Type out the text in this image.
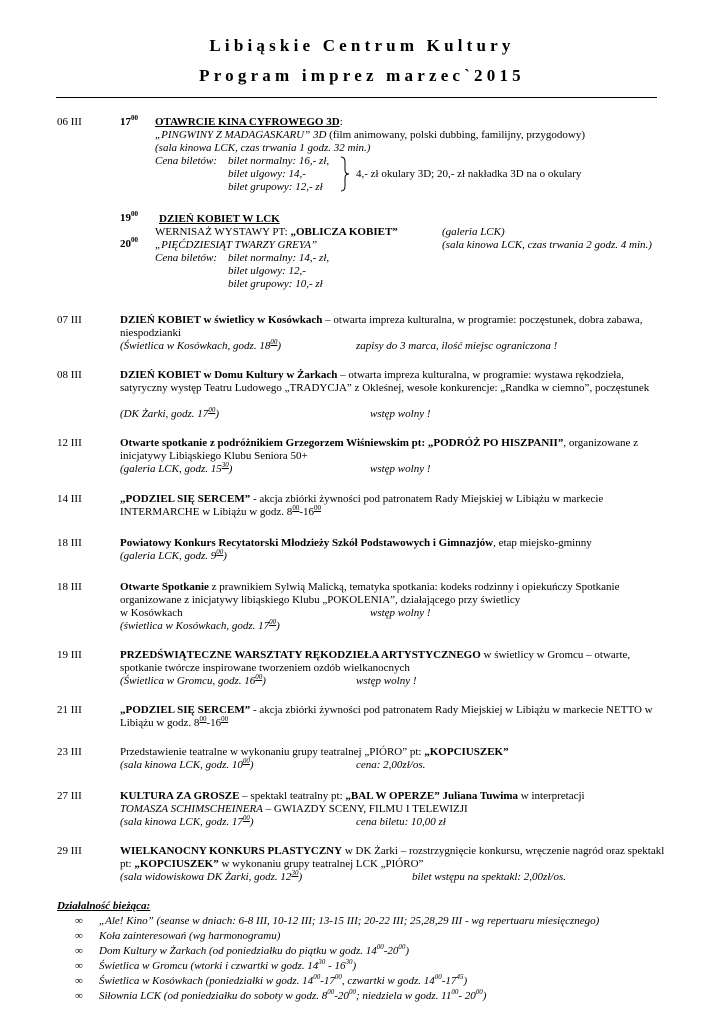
Libiąskie Centrum Kultury
Program imprez marzec`2015
06 III	$17^{00}$ OTAWRCIE KINA CYFROWEGO 3D:
„PINGWINY Z MADAGASKARU” 3D (film animowany, polski dubbing, familijny, przygodowy)
(sala kinowa LCK, czas trwania 1 godz. 32 min.)
Cena biletów: bilet normalny: 16,- zł,
bilet ulgowy: 14,-
bilet grupowy: 12,- zł
4,- zł okulary 3D; 20,- zł nakładka 3D na o okulary
$19^{00}$ DZIEŃ KOBIET W LCK
WERNISAŻ WYSTAWY PT: „OBLICZA KOBIET”	(galeria LCK)
$20^{00}$ „PIĘĆDZIESIĄT TWARZY GREYA”	(sala kinowa LCK, czas trwania 2 godz. 4 min.)
Cena biletów: bilet normalny: 14,- zł,
bilet ulgowy: 12,-
bilet grupowy: 10,- zł
07 III	DZIEŃ KOBIET w świetlicy w Kosówkach – otwarta impreza kulturalna, w programie: poczęstunek, dobra zabawa, niespodzianki
(Świetlica w Kosówkach, godz. $18^{00}$)	zapisy do 3 marca, ilość miejsc ograniczona !
08 III	DZIEŃ KOBIET w Domu Kultury w Żarkach – otwarta impreza kulturalna, w programie: wystawa rękodzieła, satyryczny występ Teatru Ludowego „TRADYCJA” z Okleśnej, wesołe konkurencje: „Randka w ciemno”, poczęstunek
(DK Żarki, godz. $17^{00}$)	wstęp wolny !
12 III	Otwarte spotkanie z podróżnikiem Grzegorzem Wiśniewskim pt: „PODRÓŻ PO HISZPANII”, organizowane z inicjatywy Libiąskiego Klubu Seniora 50+
(galeria LCK, godz. $15^{30}$)	wstęp wolny !
14 III	„PODZIEL SIĘ SERCEM” - akcja zbiórki żywności pod patronatem Rady Miejskiej w Libiążu w markecie INTERMARCHE w Libiążu w godz. $8^{00}-16^{00}$
18 III	Powiatowy Konkurs Recytatorski Młodzieży Szkół Podstawowych i Gimnazjów, etap miejsko-gminny
(galeria LCK, godz. $9^{00}$)
18 III	Otwarte Spotkanie z prawnikiem Sylwią Malicką, tematyka spotkania: kodeks rodzinny i opiekuńczy Spotkanie organizowane z inicjatywy libiąskiego Klubu „POKOLENIA”, działającego przy świetlicy
w Kosówkach	wstęp wolny !
(świetlica w Kosówkach, godz. $17^{00}$)
19 III	PRZEDŚWIĄTECZNE WARSZTATY RĘKODZIEŁA ARTYSTYCZNEGO w świetlicy w Gromcu – otwarte, spotkanie twórcze inspirowane tworzeniem ozdób wielkanocnych
(Świetlica w Gromcu, godz. $16^{00}$)	wstęp wolny !
21 III	„PODZIEL SIĘ SERCEM” - akcja zbiórki żywności pod patronatem Rady Miejskiej w Libiążu w markecie NETTO w Libiążu w godz. $8^{00}-16^{00}$
23 III	Przedstawienie teatralne w wykonaniu grupy teatralnej „PIÓRO” pt: „KOPCIUSZEK”
(sala kinowa LCK, godz. $10^{00}$)	cena: 2,00zł/os.
27 III	KULTURA ZA GROSZE – spektakl teatralny pt: „BAL W OPERZE” Juliana Tuwima w interpretacji
TOMASZA SCHIMSCHEINERA – GWIAZDY SCENY, FILMU I TELEWIZJI
(sala kinowa LCK, godz. $17^{00}$)	cena biletu: 10,00 zł
29 III	WIELKANOCNY KONKURS PLASTYCZNY w DK Żarki – rozstrzygnięcie konkursu, wręczenie nagród oraz spektakl pt: „KOPCIUSZEK” w wykonaniu grupy teatralnej LCK „PIÓRO”
(sala widowiskowa DK Żarki, godz. $12^{30}$)	bilet wstępu na spektakl: 2,00zł/os.
Działalność bieżąca:
∞ „Ale! Kino” (seanse w dniach: 6-8 III, 10-12 III; 13-15 III; 20-22 III; 25,28,29 III - wg repertuaru miesięcznego)
∞ Koła zainteresowań (wg harmonogramu)
∞ Dom Kultury w Żarkach (od poniedziałku do piątku w godz. $14^{00}-20^{00}$)
∞ Świetlica w Gromcu (wtorki i czwartki w godz. $14^{30} - 16^{30}$)
∞ Świetlica w Kosówkach (poniedziałki w godz. $14^{00}-17^{00}$, czwartki w godz. $14^{00}-17^{45}$)
∞ Siłownia LCK (od poniedziałku do soboty w godz. $8^{00}-20^{00}$; niedziela w godz. $11^{00}-$ $20^{00}$)
